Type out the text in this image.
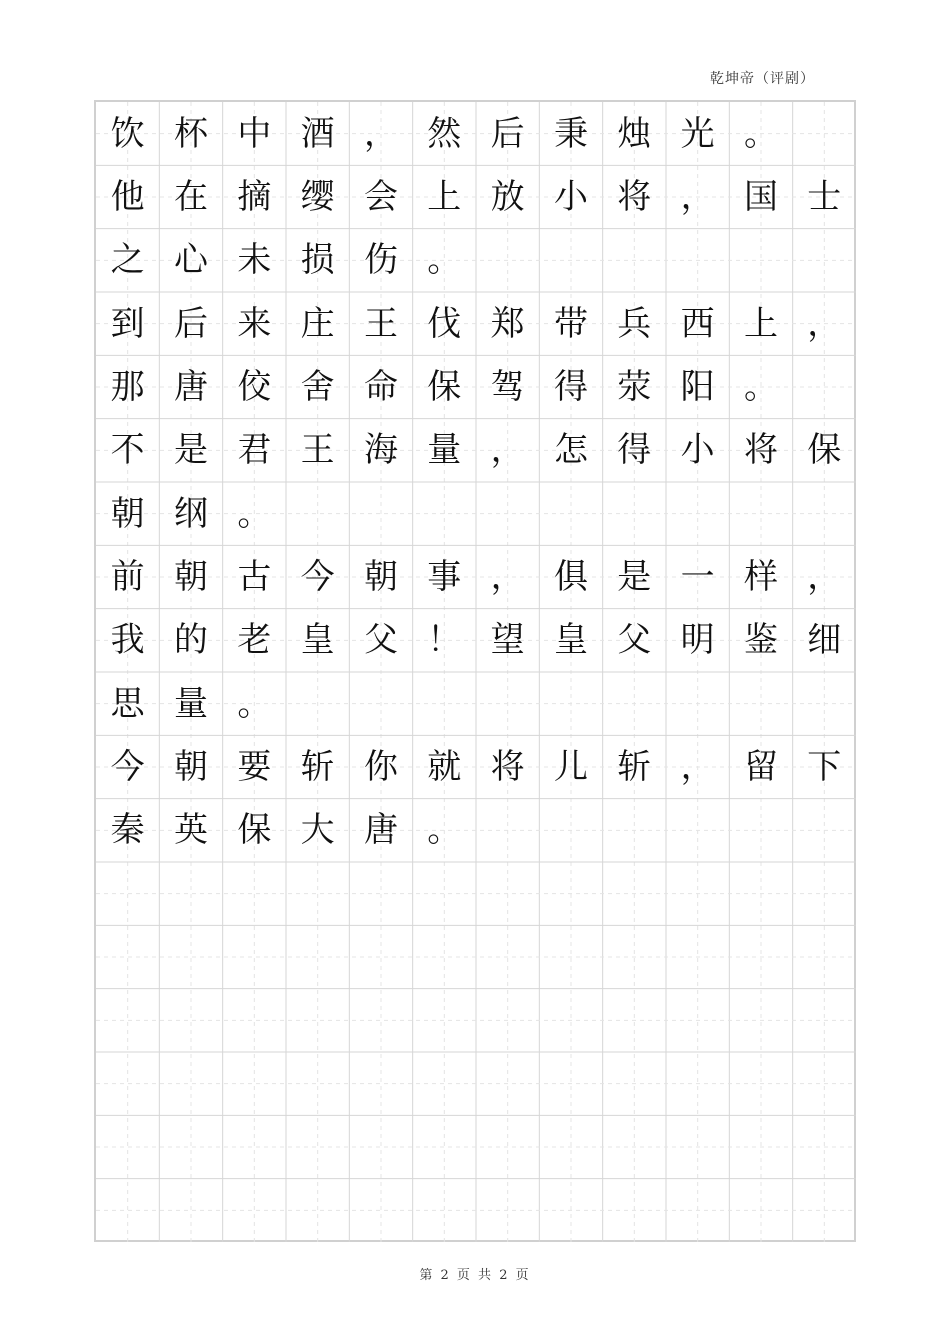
乾坤帝（评剧）
饮 杯 中 酒 ， 然 后 秉 烛 光 。
他 在 摘 缨 会 上 放 小 将 ， 国 士
之 心 未 损 伤 。
到 后 来 庄 王 伐 郑 带 兵 西 上 ，
那 唐 佼 舍 命 保 驾 得 荥 阳 。
不 是 君 王 海 量 ， 怎 得 小 将 保
朝 纲 。
前 朝 古 今 朝 事 ， 俱 是 一 样 ，
我 的 老 皇 父 ！ 望 皇 父 明 鉴 细
思 量 。
今 朝 要 斩 你 就 将 儿 斩 ， 留 下
秦 英 保 大 唐 。
第 2 页 共 2 页
